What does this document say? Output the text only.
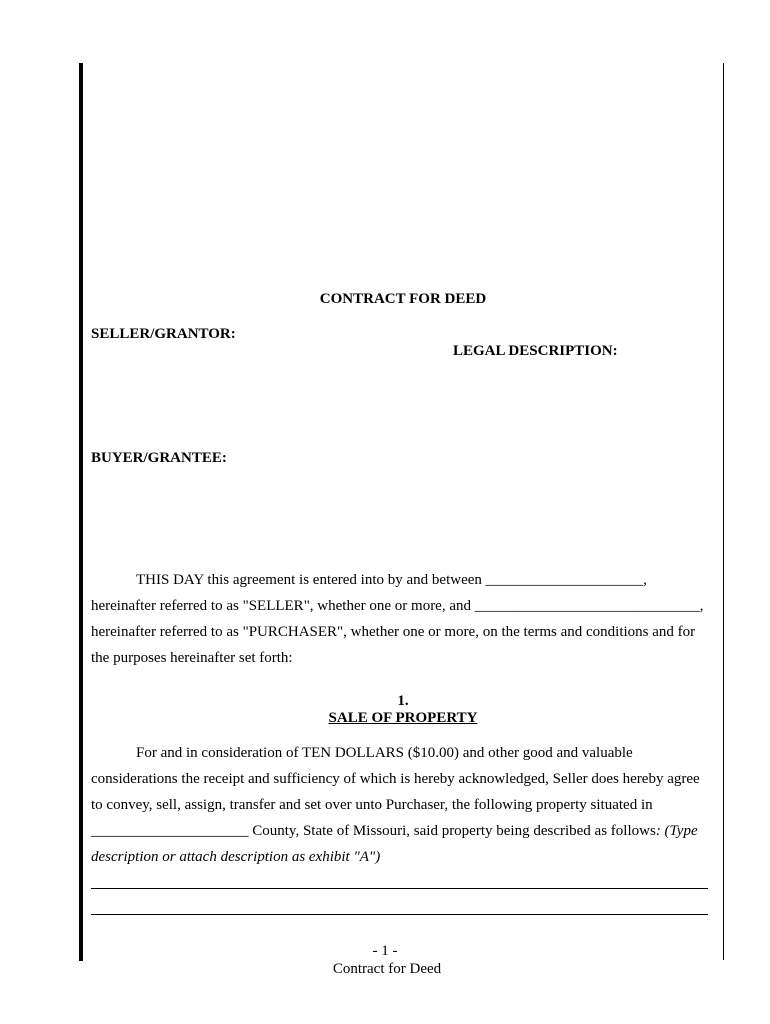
CONTRACT FOR DEED
SELLER/GRANTOR:
LEGAL DESCRIPTION:
BUYER/GRANTEE:
THIS DAY this agreement is entered into by and between _____________________,
hereinafter referred to as "SELLER", whether one or more, and ______________________________,
hereinafter referred to as "PURCHASER", whether one or more, on the terms and conditions and for
the purposes hereinafter set forth:
1.
SALE OF PROPERTY
For and in consideration of TEN DOLLARS ($10.00) and other good and valuable
considerations the receipt and sufficiency of which is hereby acknowledged, Seller does hereby agree
to convey, sell, assign, transfer and set over unto Purchaser, the following property situated in
_____________________ County, State of Missouri, said property being described as follows: (Type
description or attach description as exhibit "A")
- 1 -
Contract for Deed
